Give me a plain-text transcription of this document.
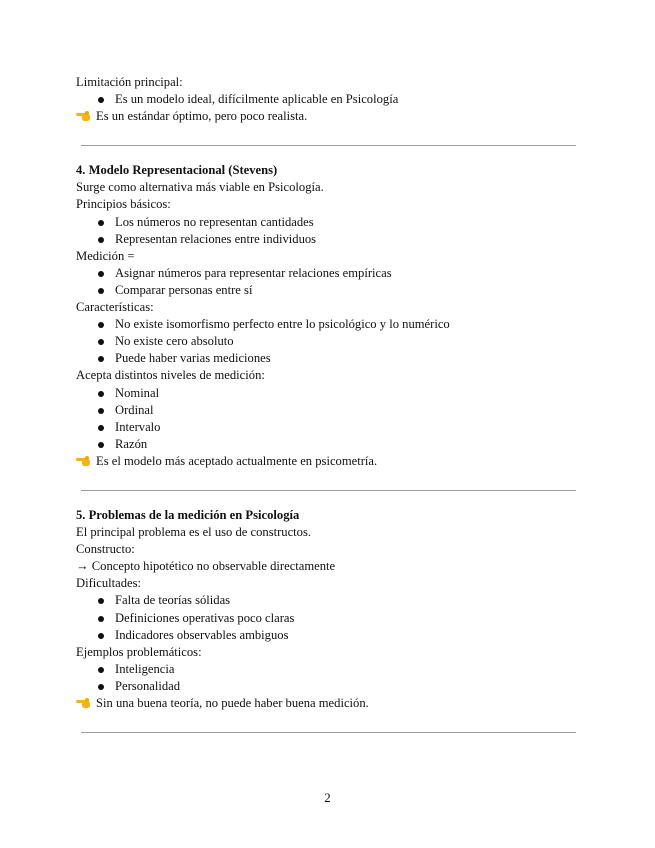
Limitación principal:
Es un modelo ideal, difícilmente aplicable en Psicología
Es un estándar óptimo, pero poco realista.
4. Modelo Representacional (Stevens)
Surge como alternativa más viable en Psicología.
Principios básicos:
Los números no representan cantidades
Representan relaciones entre individuos
Medición =
Asignar números para representar relaciones empíricas
Comparar personas entre sí
Características:
No existe isomorfismo perfecto entre lo psicológico y lo numérico
No existe cero absoluto
Puede haber varias mediciones
Acepta distintos niveles de medición:
Nominal
Ordinal
Intervalo
Razón
Es el modelo más aceptado actualmente en psicometría.
5. Problemas de la medición en Psicología
El principal problema es el uso de constructos.
Constructo:
→ Concepto hipotético no observable directamente
Dificultades:
Falta de teorías sólidas
Definiciones operativas poco claras
Indicadores observables ambiguos
Ejemplos problemáticos:
Inteligencia
Personalidad
Sin una buena teoría, no puede haber buena medición.
2
